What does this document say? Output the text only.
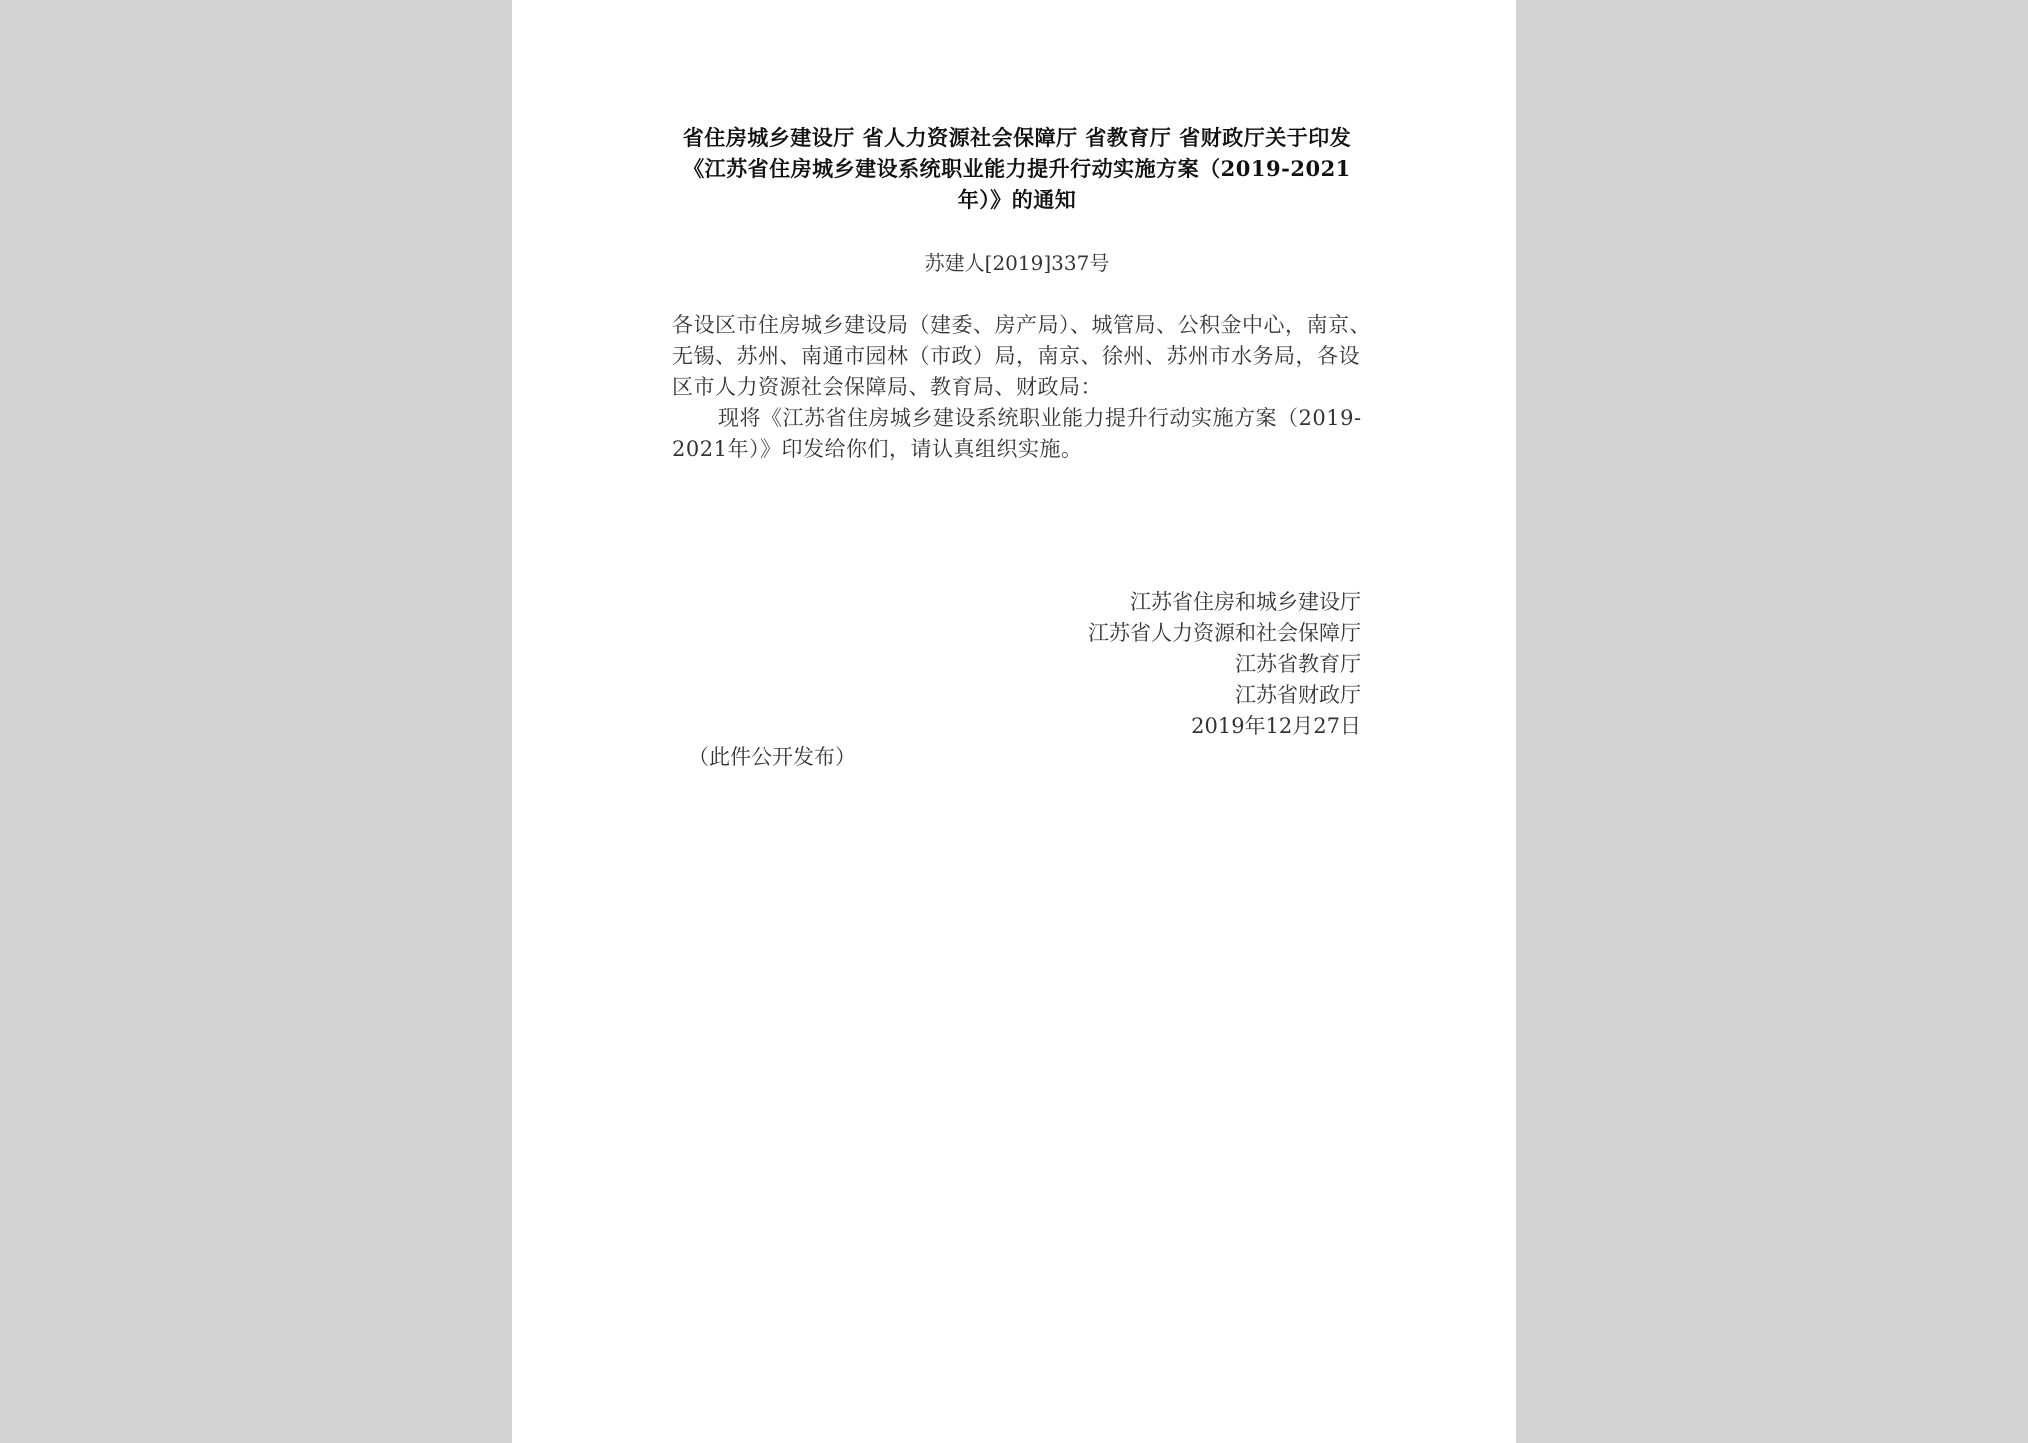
省住房城乡建设厅 省人力资源社会保障厅 省教育厅 省财政厅关于印发《江苏省住房城乡建设系统职业能力提升行动实施方案（2019-2021年）》的通知
苏建人[2019]337号

各设区市住房城乡建设局（建委、房产局）、城管局、公积金中心，南京、无锡、苏州、南通市园林（市政）局，南京、徐州、苏州市水务局，各设区市人力资源社会保障局、教育局、财政局：

现将《江苏省住房城乡建设系统职业能力提升行动实施方案（2019-2021年）》印发给你们，请认真组织实施。

江苏省住房和城乡建设厅
江苏省人力资源和社会保障厅
江苏省教育厅
江苏省财政厅
2019年12月27日
（此件公开发布）
